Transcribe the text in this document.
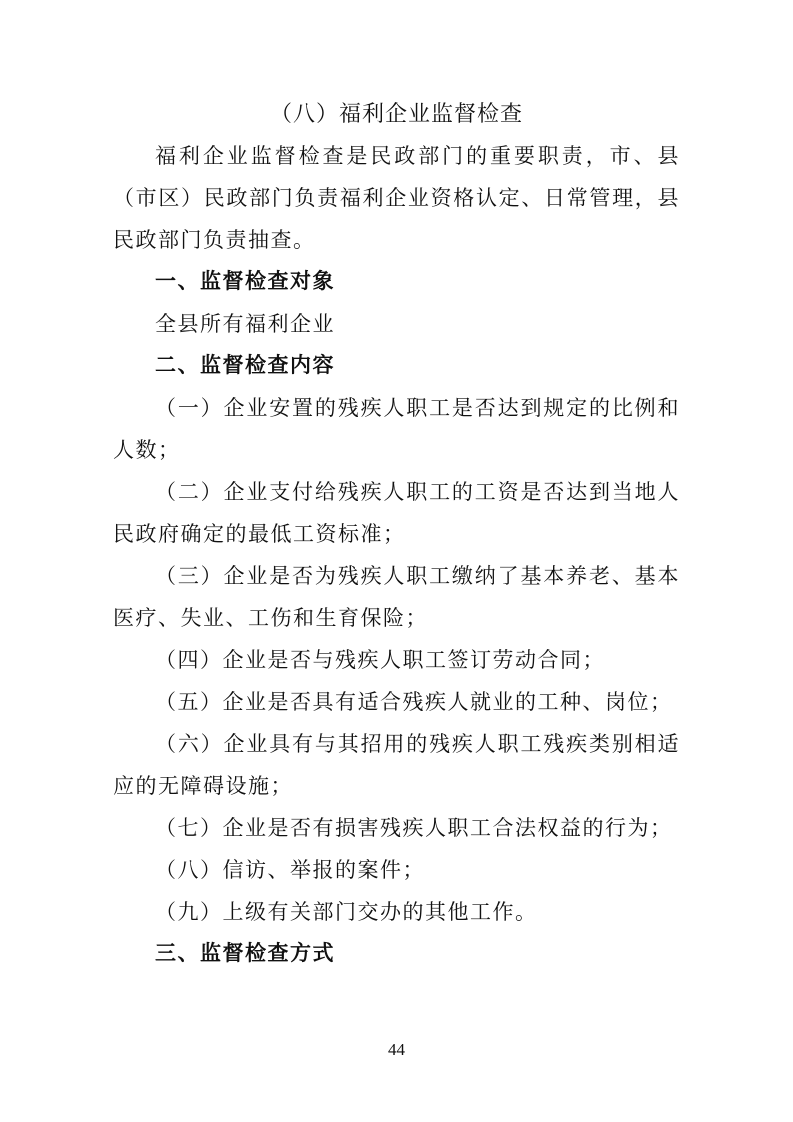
（八）福利企业监督检查

福利企业监督检查是民政部门的重要职责，市、县（市区）民政部门负责福利企业资格认定、日常管理，县民政部门负责抽查。

一、监督检查对象

全县所有福利企业

二、监督检查内容

（一）企业安置的残疾人职工是否达到规定的比例和人数；

（二）企业支付给残疾人职工的工资是否达到当地人民政府确定的最低工资标准；

（三）企业是否为残疾人职工缴纳了基本养老、基本医疗、失业、工伤和生育保险；

（四）企业是否与残疾人职工签订劳动合同；

（五）企业是否具有适合残疾人就业的工种、岗位；

（六）企业具有与其招用的残疾人职工残疾类别相适应的无障碍设施；

（七）企业是否有损害残疾人职工合法权益的行为；

（八）信访、举报的案件；

（九）上级有关部门交办的其他工作。

三、监督检查方式
44
